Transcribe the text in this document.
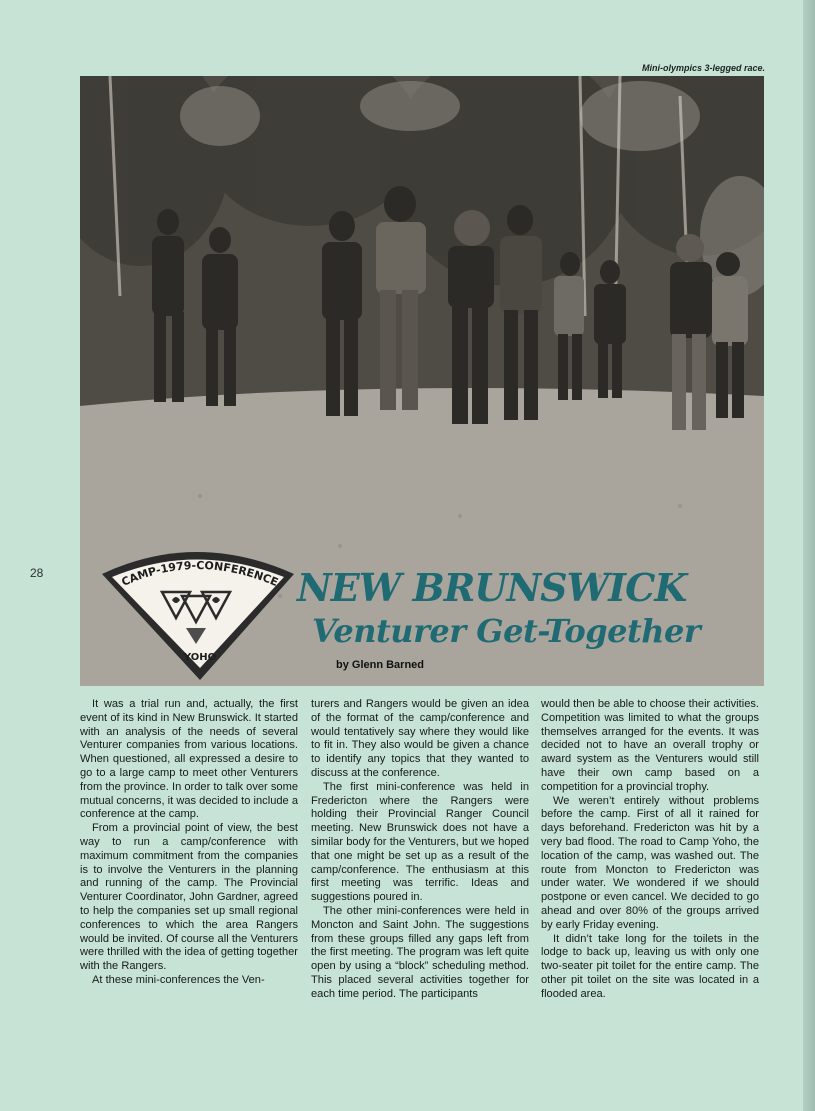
Mini-olympics 3-legged race.
28
CAMP-1979-CONFERENCE
YOHO
NEW BRUNSWICK
Venturer Get-Together
by Glenn Barned

It was a trial run and, actually, the first event of its kind in New Brunswick. It started with an analysis of the needs of several Venturer companies from various locations. When questioned, all expressed a desire to go to a large camp to meet other Venturers from the province. In order to talk over some mutual concerns, it was decided to include a conference at the camp.

From a provincial point of view, the best way to run a camp/conference with maximum commitment from the companies is to involve the Venturers in the planning and running of the camp. The Provincial Venturer Coordinator, John Gardner, agreed to help the companies set up small regional conferences to which the area Rangers would be invited. Of course all the Venturers were thrilled with the idea of getting together with the Rangers.

At these mini-conferences the Ven-

turers and Rangers would be given an idea of the format of the camp/conference and would tentatively say where they would like to fit in. They also would be given a chance to identify any topics that they wanted to discuss at the conference.

The first mini-conference was held in Fredericton where the Rangers were holding their Provincial Ranger Council meeting. New Brunswick does not have a similar body for the Venturers, but we hoped that one might be set up as a result of the camp/conference. The enthusiasm at this first meeting was terrific. Ideas and suggestions poured in.

The other mini-conferences were held in Moncton and Saint John. The suggestions from these groups filled any gaps left from the first meeting. The program was left quite open by using a “block” scheduling method. This placed several activities together for each time period. The participants

would then be able to choose their activities. Competition was limited to what the groups themselves arranged for the events. It was decided not to have an overall trophy or award system as the Venturers would still have their own camp based on a competition for a provincial trophy.

We weren’t entirely without problems before the camp. First of all it rained for days beforehand. Fredericton was hit by a very bad flood. The road to Camp Yoho, the location of the camp, was washed out. The route from Moncton to Fredericton was under water. We wondered if we should postpone or even cancel. We decided to go ahead and over 80% of the groups arrived by early Friday evening.

It didn’t take long for the toilets in the lodge to back up, leaving us with only one two-seater pit toilet for the entire camp. The other pit toilet on the site was located in a flooded area.
